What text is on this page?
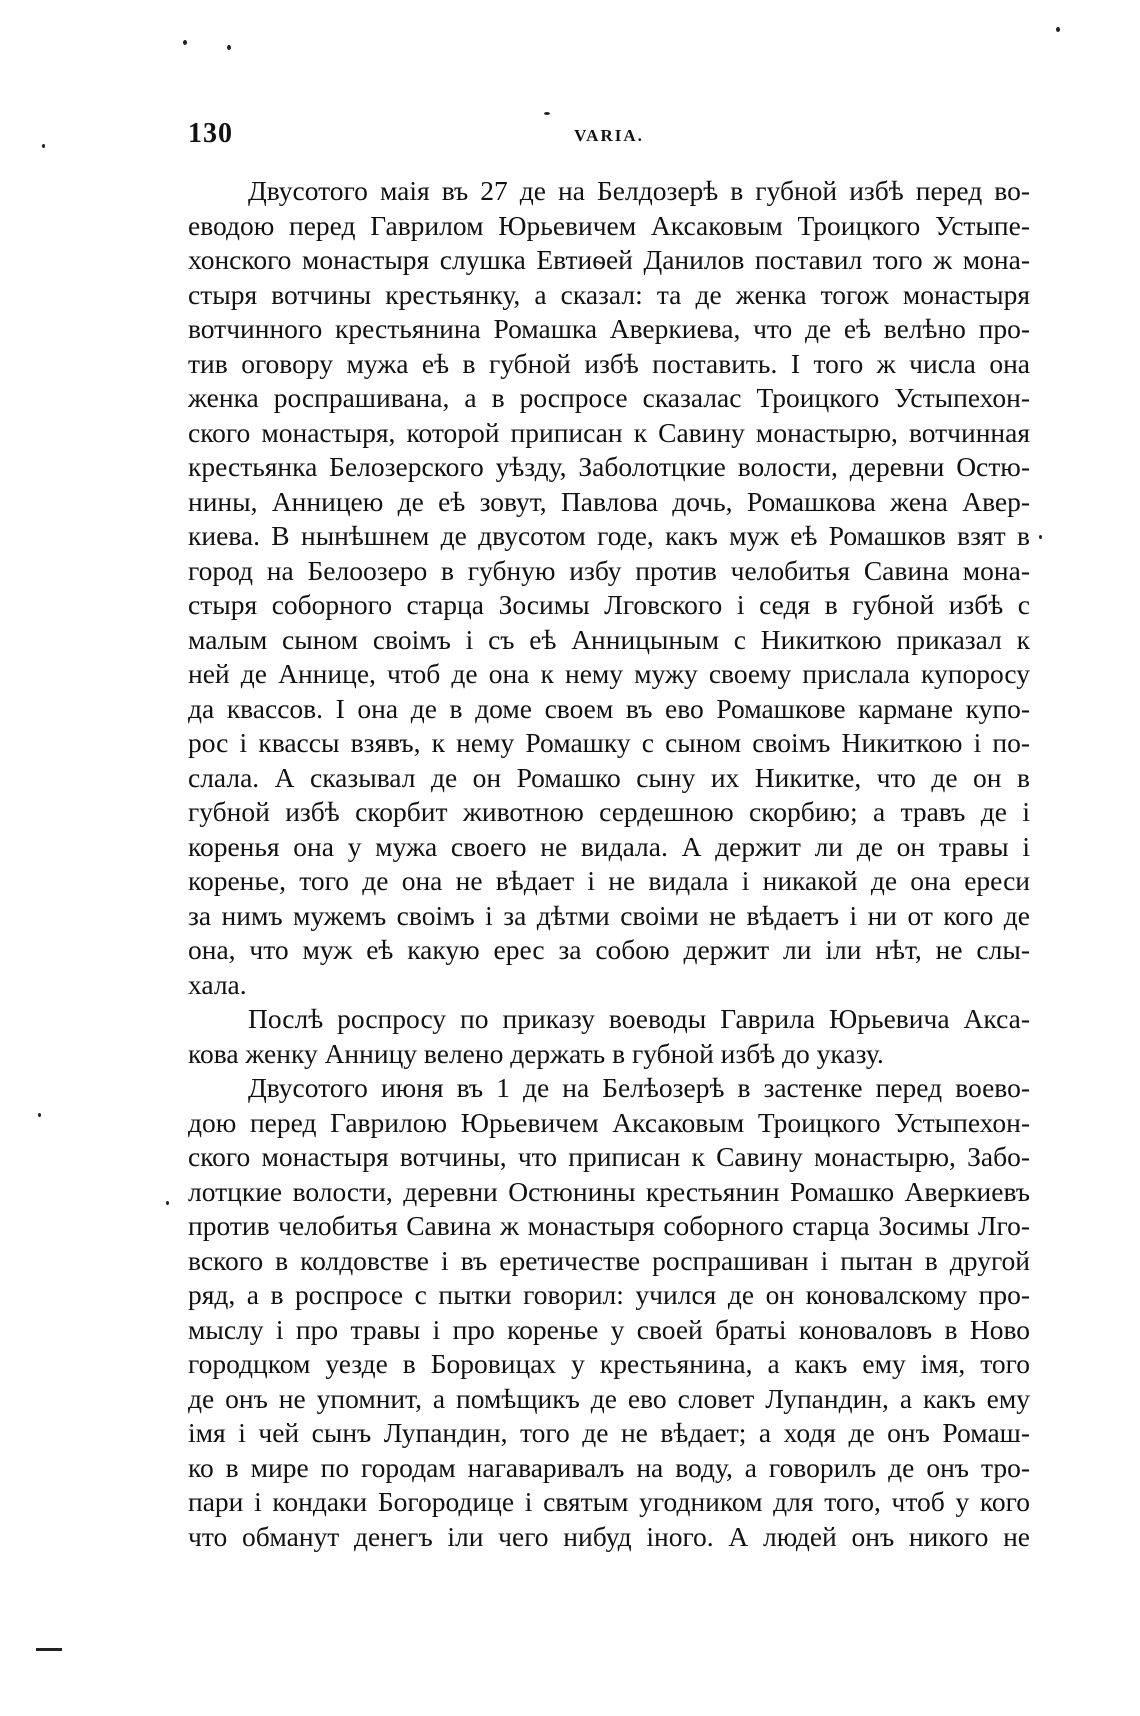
130	VARIA.
Двусотого маія въ 27 де на Белдозерѣ в губной избѣ перед во-
еводою перед Гаврилом Юрьевичем Аксаковым Троицкого Устыпе-
хонского монастыря слушка Евтиѳей Данилов поставил того ж мона-
стыря вотчины крестьянку, а сказал: та де женка тогож монастыря
вотчинного крестьянина Ромашка Аверкиева, что де еѣ велѣно про-
тив оговору мужа еѣ в губной избѣ поставить. I того ж числа она
женка роспрашивана, а в роспросе сказалас Троицкого Устыпехон-
ского монастыря, которой приписан к Савину монастырю, вотчинная
крестьянка Белозерского уѣзду, Заболотцкие волости, деревни Остю-
нины, Анницею де еѣ зовут, Павлова дочь, Ромашкова жена Авер-
киева. В нынѣшнем де двусотом годе, какъ муж еѣ Ромашков взят в
город на Белоозеро в губную избу против челобитья Савина мона-
стыря соборного старца Зосимы Лговского і седя в губной избѣ с
малым сыном своімъ і съ еѣ Анницыным с Никиткою приказал к
ней де Аннице, чтоб де она к нему мужу своему прислала купоросу
да квассов. I она де в доме своем въ ево Ромашкове кармане купо-
рос і квассы взявъ, к нему Ромашку с сыном своімъ Никиткою і по-
слала. А сказывал де он Ромашко сыну их Никитке, что де он в
губной избѣ скорбит животною сердешною скорбию; а травъ де і
коренья она у мужа своего не видала. А держит ли де он травы і
коренье, того де она не вѣдает і не видала і никакой де она ереси
за нимъ мужемъ своімъ і за дѣтми своіми не вѣдаетъ і ни от кого де
она, что муж еѣ какую ерес за собою держит ли іли нѣт, не слы-
хала.
Послѣ роспросу по приказу воеводы Гаврила Юрьевича Акса-
кова женку Анницу велено держать в губной избѣ до указу.
Двусотого июня въ 1 де на Белѣозерѣ в застенке перед воево-
дою перед Гаврилою Юрьевичем Аксаковым Троицкого Устыпехон-
ского монастыря вотчины, что приписан к Савину монастырю, Забо-
лотцкие волости, деревни Остюнины крестьянин Ромашко Аверкиевъ
против челобитья Савина ж монастыря соборного старца Зосимы Лго-
вского в колдовстве і въ еретичестве роспрашиван і пытан в другой
ряд, а в роспросе с пытки говорил: учился де он коновалскому про-
мыслу і про травы і про коренье у своей братьі коноваловъ в Ново
городцком уезде в Боровицах у крестьянина, а какъ ему імя, того
де онъ не упомнит, а помѣщикъ де ево словет Лупандин, а какъ ему
імя і чей сынъ Лупандин, того де не вѣдает; а ходя де онъ Ромаш-
ко в мире по городам нагаваривалъ на воду, а говорилъ де онъ тро-
пари і кондаки Богородице і святым угодником для того, чтоб у кого
что обманут денегъ іли чего нибуд іного. А людей онъ никого не
